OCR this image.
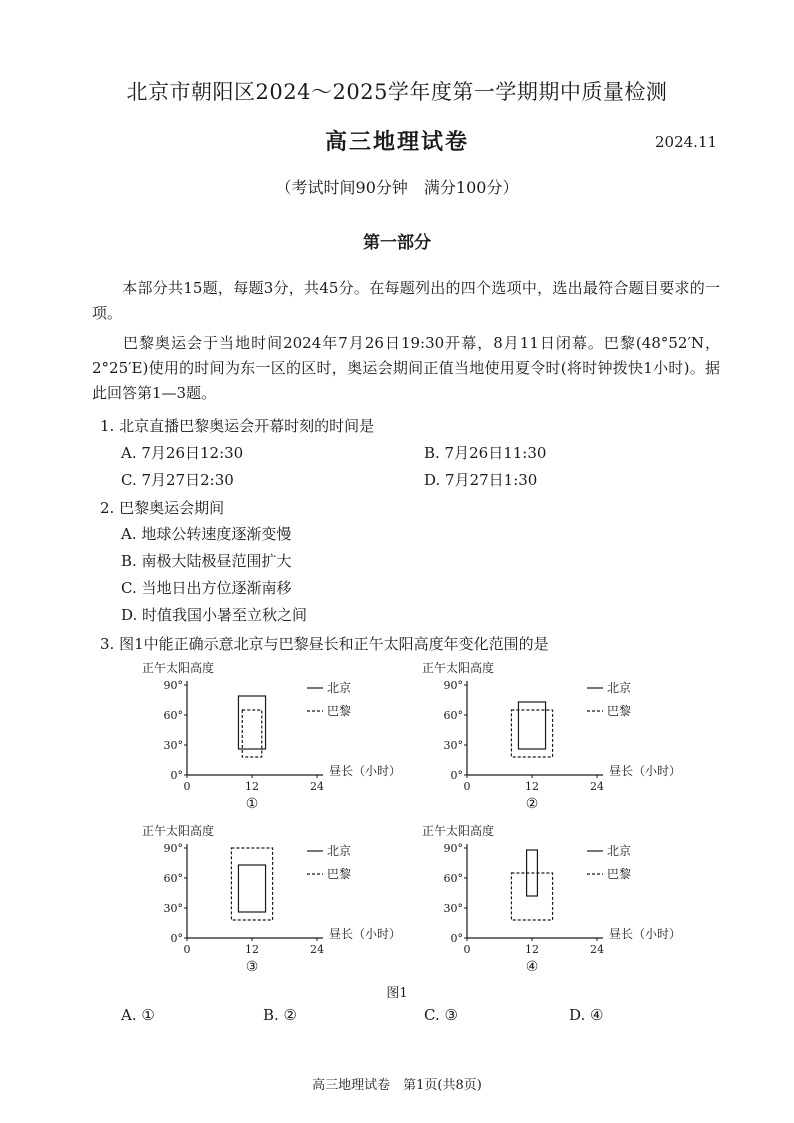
北京市朝阳区2024～2025学年度第一学期期中质量检测
高三地理试卷	2024.11
（考试时间90分钟　满分100分）
第一部分
本部分共15题，每题3分，共45分。在每题列出的四个选项中，选出最符合题目要求的一项。
巴黎奥运会于当地时间2024年7月26日19:30开幕，8月11日闭幕。巴黎(48°52′N，2°25′E)使用的时间为东一区的区时，奥运会期间正值当地使用夏令时(将时钟拨快1小时)。据此回答第1—3题。
1. 北京直播巴黎奥运会开幕时刻的时间是
A. 7月26日12:30	B. 7月26日11:30
C. 7月27日2:30	D. 7月27日1:30
2. 巴黎奥运会期间
A. 地球公转速度逐渐变慢
B. 南极大陆极昼范围扩大
C. 当地日出方位逐渐南移
D. 时值我国小暑至立秋之间
3. 图1中能正确示意北京与巴黎昼长和正午太阳高度年变化范围的是
正午太阳高度
0°
30°
60°
90°
0	12	24
昼长（小时）
北京
巴黎
①
正午太阳高度
0°
30°
60°
90°
0	12	24
昼长（小时）
北京
巴黎
②
正午太阳高度
0°
30°
60°
90°
0	12	24
昼长（小时）
北京
巴黎
③
正午太阳高度
0°
30°
60°
90°
0	12	24
昼长（小时）
北京
巴黎
④
图1
A. ①	B. ②	C. ③	D. ④
高三地理试卷　第1页(共8页)
